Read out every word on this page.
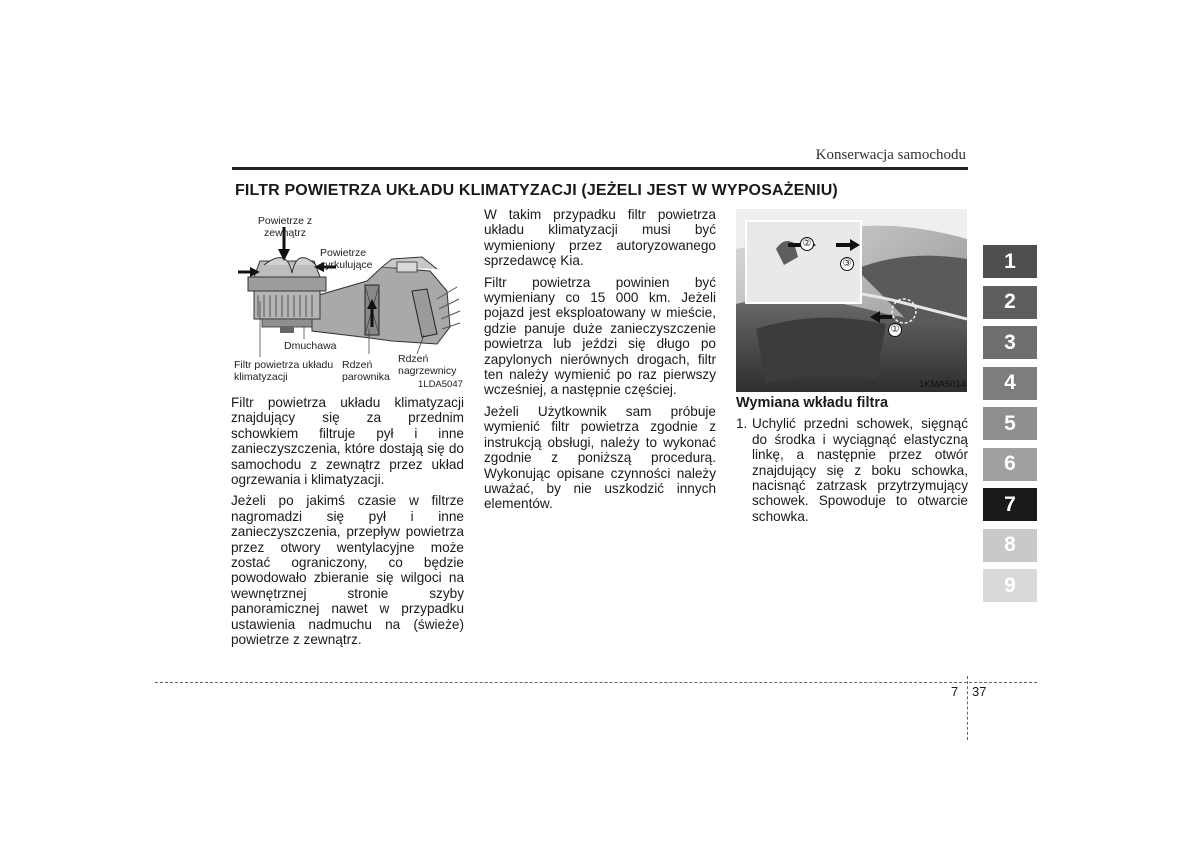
Konserwacja samochodu
FILTR POWIETRZA UKŁADU KLIMATYZACJI (JEŻELI JEST W WYPOSAŻENIU)
Powietrze z zewnątrz
Powietrze cyrkulujące
Dmuchawa
Filtr powietrza układu klimatyzacji
Rdzeń parownika
Rdzeń nagrzewnicy
1LDA5047

Filtr powietrza układu klimatyzacji znajdujący się za przednim schowkiem filtruje pył i inne zanieczyszczenia, które dostają się do samochodu z zewnątrz przez układ ogrzewania i klimatyzacji.

Jeżeli po jakimś czasie w filtrze nagromadzi się pył i inne zanieczyszczenia, przepływ powietrza przez otwory wentylacyjne może zostać ograniczony, co będzie powodowało zbieranie się wilgoci na wewnętrznej stronie szyby panoramicznej nawet w przypadku ustawienia nadmuchu na (świeże) powietrze z zewnątrz.

W takim przypadku filtr powietrza układu klimatyzacji musi być wymieniony przez autoryzowanego sprzedawcę Kia.

Filtr powietrza powinien być wymieniany co 15 000 km. Jeżeli pojazd jest eksploatowany w mieście, gdzie panuje duże zanieczyszczenie powietrza lub jeździ się długo po zapylonych nierównych drogach, filtr ten należy wymienić po raz pierwszy wcześniej, a następnie częściej.

Jeżeli Użytkownik sam próbuje wymienić filtr powietrza zgodnie z instrukcją obsługi, należy to wykonać zgodnie z poniższą procedurą. Wykonując opisane czynności należy uważać, by nie uszkodzić innych elementów.

②
③
①
1KMA5014
Wymiana wkładu filtra
1. Uchylić przedni schowek, sięgnąć do środka i wyciągnąć elastyczną linkę, a następnie przez otwór znajdujący się z boku schowka, nacisnąć zatrzask przytrzymujący schowek. Spowoduje to otwarcie schowka.
1
2
3
4
5
6
7
8
9
7 37
